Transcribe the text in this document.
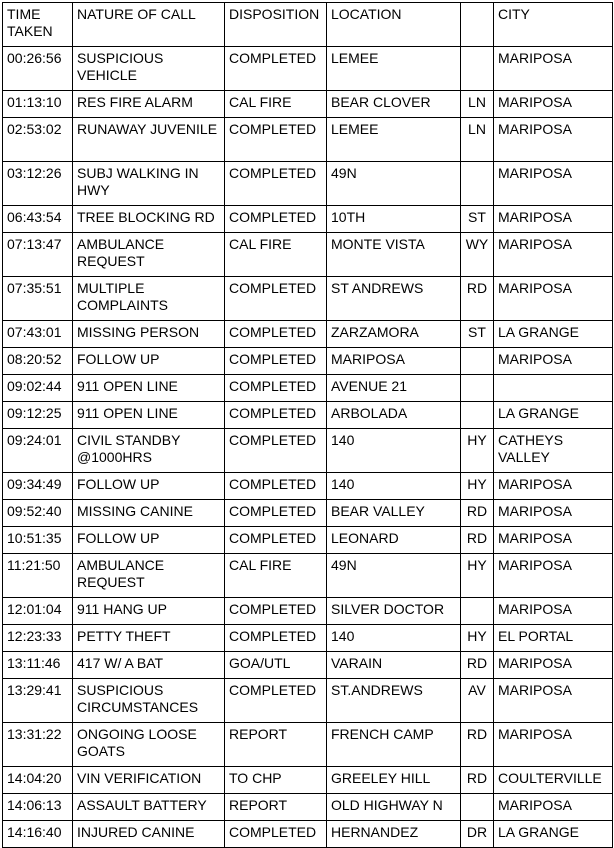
TIME TAKEN	NATURE OF CALL	DISPOSITION	LOCATION		CITY
00:26:56	SUSPICIOUS VEHICLE	COMPLETED	LEMEE		MARIPOSA
01:13:10	RES FIRE ALARM	CAL FIRE	BEAR CLOVER	LN	MARIPOSA
02:53:02	RUNAWAY JUVENILE	COMPLETED	LEMEE	LN	MARIPOSA
03:12:26	SUBJ WALKING IN HWY	COMPLETED	49N		MARIPOSA
06:43:54	TREE BLOCKING RD	COMPLETED	10TH	ST	MARIPOSA
07:13:47	AMBULANCE REQUEST	CAL FIRE	MONTE VISTA	WY	MARIPOSA
07:35:51	MULTIPLE COMPLAINTS	COMPLETED	ST ANDREWS	RD	MARIPOSA
07:43:01	MISSING PERSON	COMPLETED	ZARZAMORA	ST	LA GRANGE
08:20:52	FOLLOW UP	COMPLETED	MARIPOSA		MARIPOSA
09:02:44	911 OPEN LINE	COMPLETED	AVENUE 21		
09:12:25	911 OPEN LINE	COMPLETED	ARBOLADA		LA GRANGE
09:24:01	CIVIL STANDBY @1000HRS	COMPLETED	140	HY	CATHEYS VALLEY
09:34:49	FOLLOW UP	COMPLETED	140	HY	MARIPOSA
09:52:40	MISSING CANINE	COMPLETED	BEAR VALLEY	RD	MARIPOSA
10:51:35	FOLLOW UP	COMPLETED	LEONARD	RD	MARIPOSA
11:21:50	AMBULANCE REQUEST	CAL FIRE	49N	HY	MARIPOSA
12:01:04	911 HANG UP	COMPLETED	SILVER DOCTOR		MARIPOSA
12:23:33	PETTY THEFT	COMPLETED	140	HY	EL PORTAL
13:11:46	417 W/ A BAT	GOA/UTL	VARAIN	RD	MARIPOSA
13:29:41	SUSPICIOUS CIRCUMSTANCES	COMPLETED	ST.ANDREWS	AV	MARIPOSA
13:31:22	ONGOING LOOSE GOATS	REPORT	FRENCH CAMP	RD	MARIPOSA
14:04:20	VIN VERIFICATION	TO CHP	GREELEY HILL	RD	COULTERVILLE
14:06:13	ASSAULT BATTERY	REPORT	OLD HIGHWAY N		MARIPOSA
14:16:40	INJURED CANINE	COMPLETED	HERNANDEZ	DR	LA GRANGE
